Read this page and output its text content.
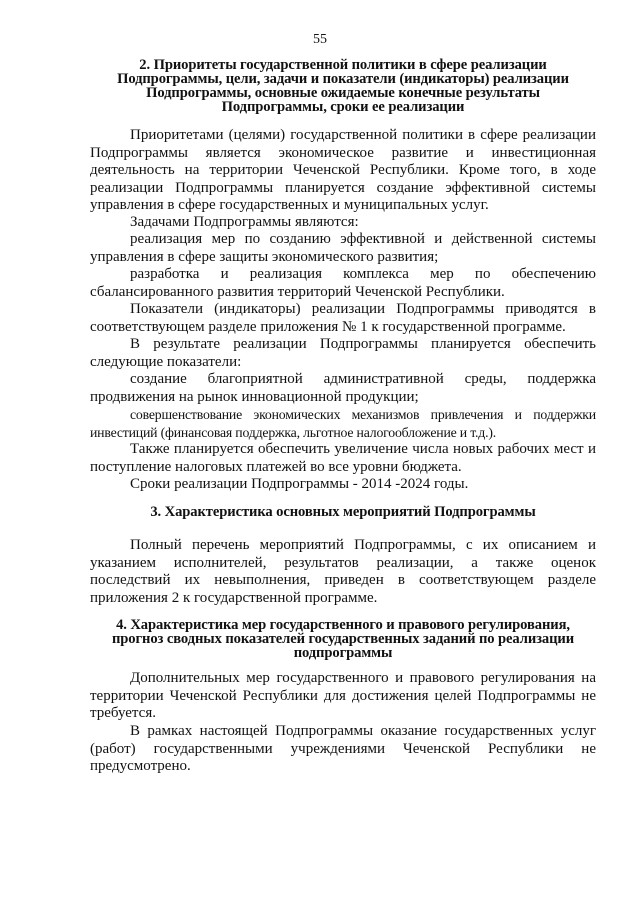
55
2. Приоритеты государственной политики в сфере реализации
Подпрограммы, цели, задачи и показатели (индикаторы) реализации
Подпрограммы, основные ожидаемые конечные результаты
Подпрограммы, сроки ее реализации

Приоритетами (целями) государственной политики в сфере реализации Подпрограммы является экономическое развитие и инвестиционная деятельность на территории Чеченской Республики. Кроме того, в ходе реализации Подпрограммы планируется создание эффективной системы управления в сфере государственных и муниципальных услуг.

Задачами Подпрограммы являются:

реализация мер по созданию эффективной и действенной системы управления в сфере защиты экономического развития;

разработка и реализация комплекса мер по обеспечению сбалансированного развития территорий Чеченской Республики.

Показатели (индикаторы) реализации Подпрограммы приводятся в соответствующем разделе приложения № 1 к государственной программе.

В результате реализации Подпрограммы планируется обеспечить следующие показатели:

создание благоприятной административной среды, поддержка продвижения на рынок инновационной продукции;

совершенствование экономических механизмов привлечения и поддержки инвестиций (финансовая поддержка, льготное налогообложение и т.д.).

Также планируется обеспечить увеличение числа новых рабочих мест и поступление налоговых платежей во все уровни бюджета.

Сроки реализации Подпрограммы - 2014 -2024 годы.

3. Характеристика основных мероприятий Подпрограммы

Полный перечень мероприятий Подпрограммы, с их описанием и указанием исполнителей, результатов реализации, а также оценок последствий их невыполнения, приведен в соответствующем разделе приложения 2 к государственной программе.

4. Характеристика мер государственного и правового регулирования,
прогноз сводных показателей государственных заданий по реализации
подпрограммы

Дополнительных мер государственного и правового регулирования на территории Чеченской Республики для достижения целей Подпрограммы не требуется.

В рамках настоящей Подпрограммы оказание государственных услуг (работ) государственными учреждениями Чеченской Республики не предусмотрено.
